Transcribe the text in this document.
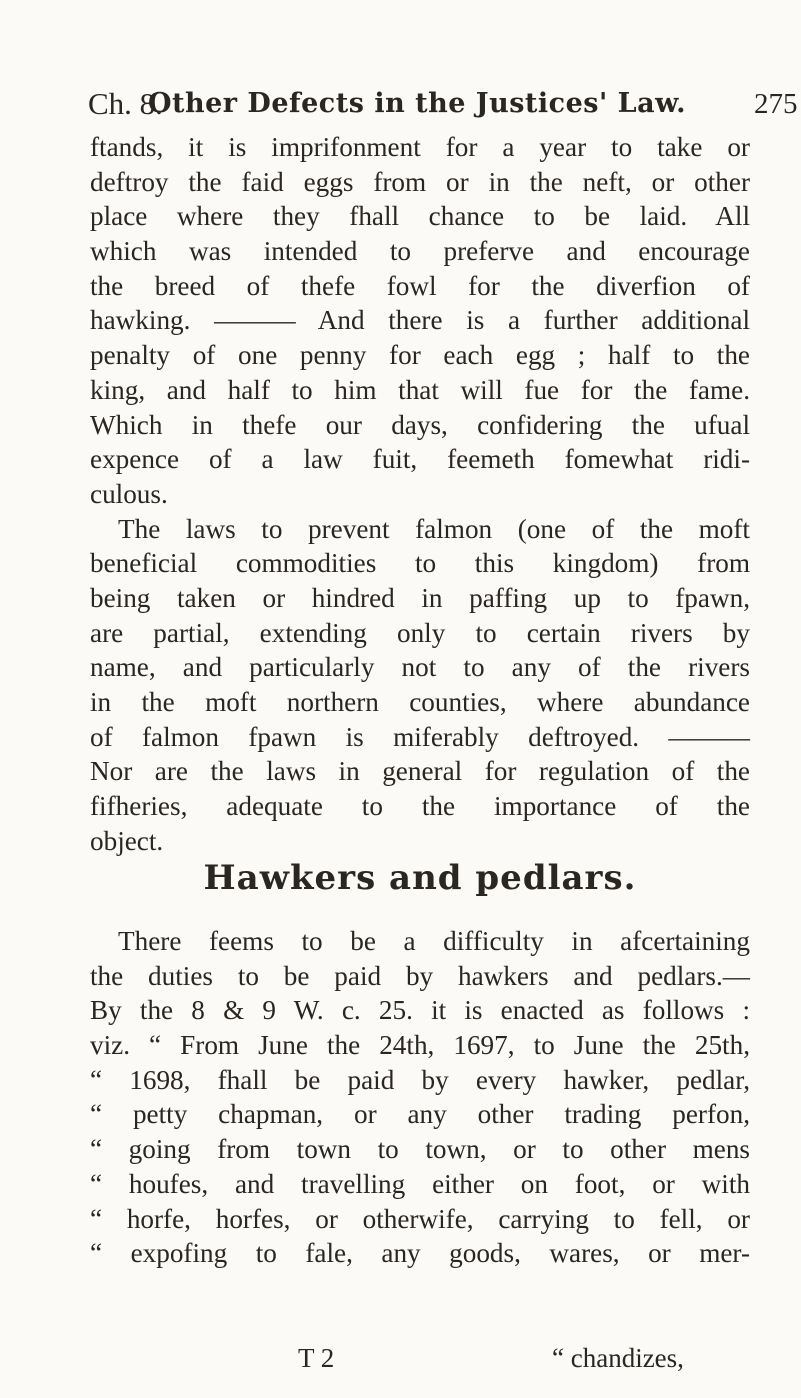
Ch. 8.
Other Defects in the Justices' Law. 275
ftands, it is imprifonment for a year to take or
deftroy the faid eggs from or in the neft, or other
place where they fhall chance to be laid. All
which was intended to preferve and encourage
the breed of thefe fowl for the diverfion of
hawking. ——— And there is a further additional
penalty of one penny for each egg ; half to the
king, and half to him that will fue for the fame.
Which in thefe our days, confidering the ufual
expence of a law fuit, feemeth fomewhat ridi-
culous.
The laws to prevent falmon (one of the moft
beneficial commodities to this kingdom) from
being taken or hindred in paffing up to fpawn,
are partial, extending only to certain rivers by
name, and particularly not to any of the rivers
in the moft northern counties, where abundance
of falmon fpawn is miferably deftroyed. ———
Nor are the laws in general for regulation of the
fifheries, adequate to the importance of the
object.
Hawkers and pedlars.
There feems to be a difficulty in afcertaining
the duties to be paid by hawkers and pedlars.—
By the 8 & 9 W. c. 25. it is enacted as follows :
viz. “ From June the 24th, 1697, to June the 25th,
“ 1698, fhall be paid by every hawker, pedlar,
“ petty chapman, or any other trading perfon,
“ going from town to town, or to other mens
“ houfes, and travelling either on foot, or with
“ horfe, horfes, or otherwife, carrying to fell, or
“ expofing to fale, any goods, wares, or mer-
T 2	“ chandizes,
